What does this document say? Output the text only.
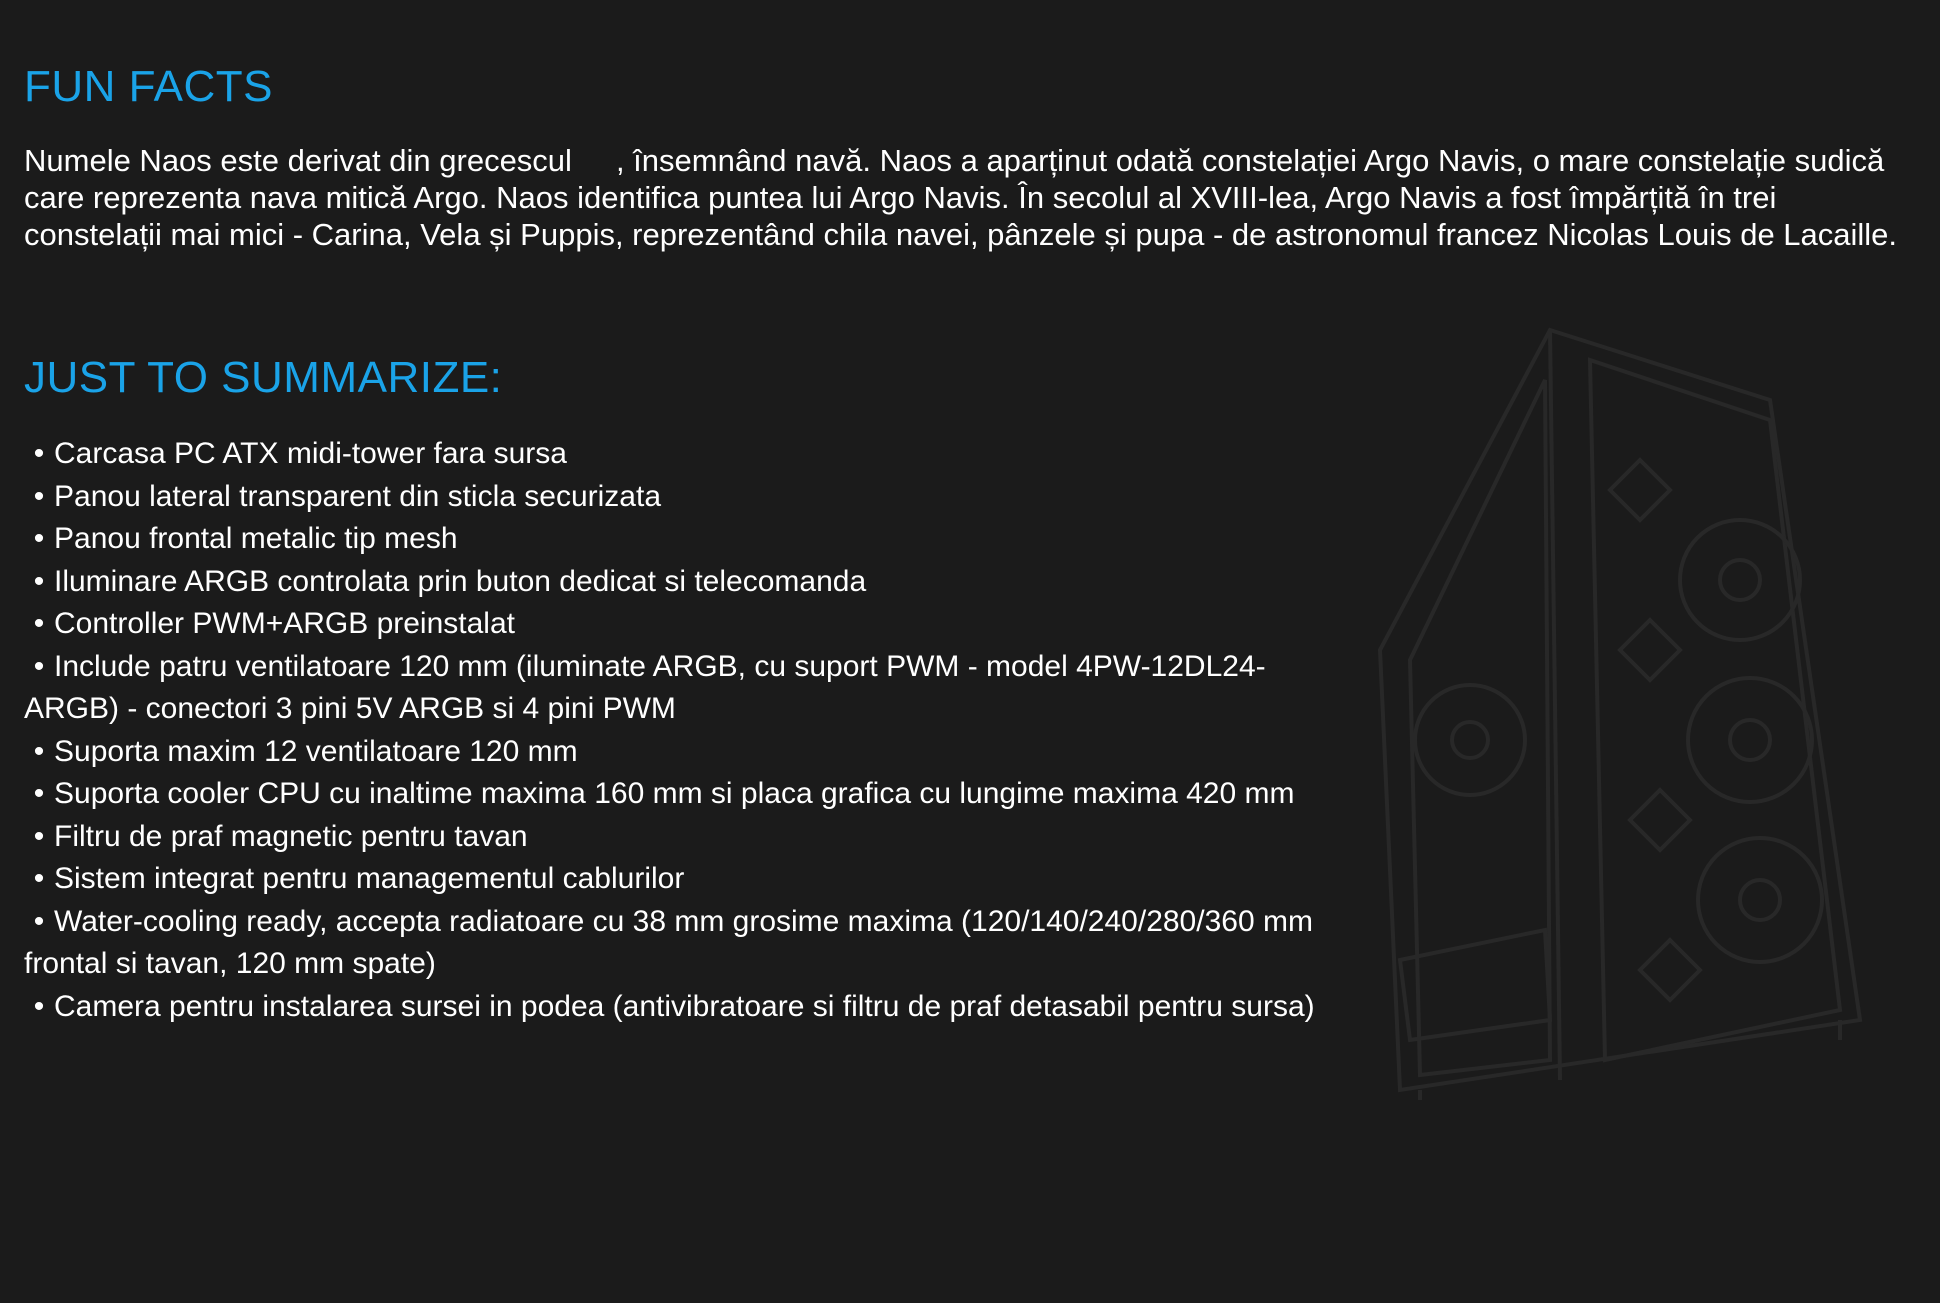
FUN FACTS

Numele Naos este derivat din grecescul , însemnând navă. Naos a aparținut odată constelației Argo Navis, o mare constelație sudică care reprezenta nava mitică Argo. Naos identifica puntea lui Argo Navis. În secolul al XVIII-lea, Argo Navis a fost împărțită în trei constelații mai mici - Carina, Vela și Puppis, reprezentând chila navei, pânzele și pupa - de astronomul francez Nicolas Louis de Lacaille.

JUST TO SUMMARIZE:
• Carcasa PC ATX midi-tower fara sursa
• Panou lateral transparent din sticla securizata
• Panou frontal metalic tip mesh
• Iluminare ARGB controlata prin buton dedicat si telecomanda
• Controller PWM+ARGB preinstalat
• Include patru ventilatoare 120 mm (iluminate ARGB, cu suport PWM - model 4PW-12DL24-ARGB) - conectori 3 pini 5V ARGB si 4 pini PWM
• Suporta maxim 12 ventilatoare 120 mm
• Suporta cooler CPU cu inaltime maxima 160 mm si placa grafica cu lungime maxima 420 mm
• Filtru de praf magnetic pentru tavan
• Sistem integrat pentru managementul cablurilor
• Water-cooling ready, accepta radiatoare cu 38 mm grosime maxima (120/140/240/280/360 mm frontal si tavan, 120 mm spate)
• Camera pentru instalarea sursei in podea (antivibratoare si filtru de praf detasabil pentru sursa)
